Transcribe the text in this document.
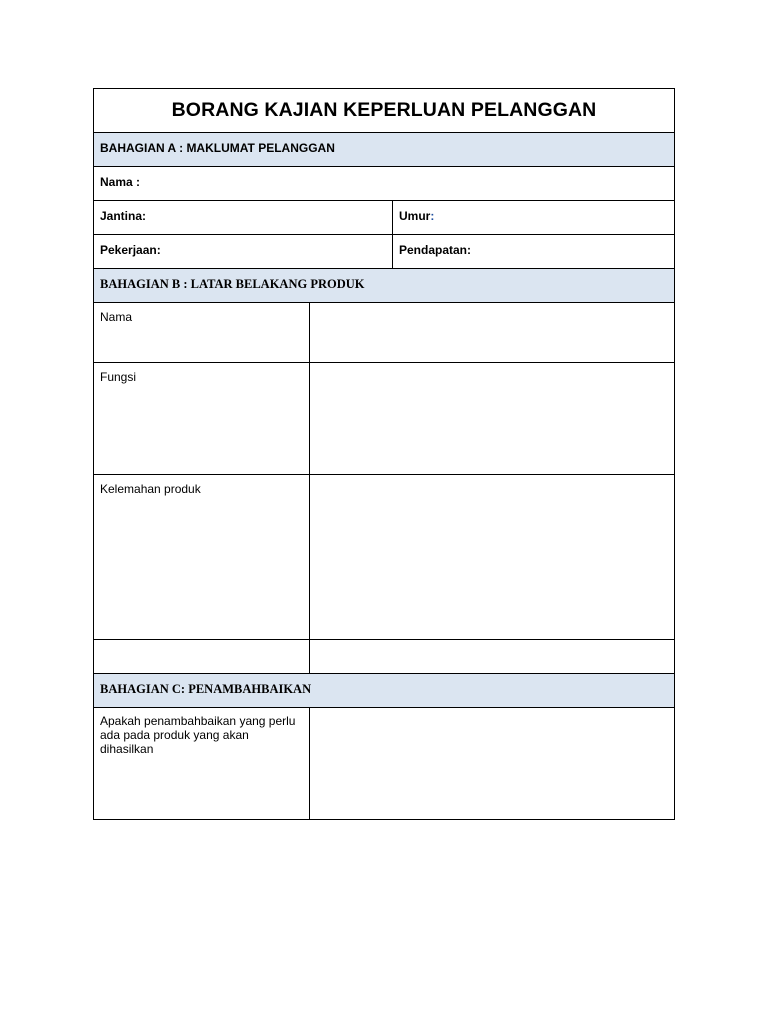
BORANG KAJIAN KEPERLUAN PELANGGAN
BAHAGIAN A : MAKLUMAT PELANGGAN
Nama :
Jantina:	Umur:
Pekerjaan:	Pendapatan:
BAHAGIAN B : LATAR BELAKANG PRODUK
Nama
Fungsi
Kelemahan produk
BAHAGIAN C: PENAMBAHBAIKAN
Apakah penambahbaikan yang perlu ada pada produk yang akan dihasilkan
